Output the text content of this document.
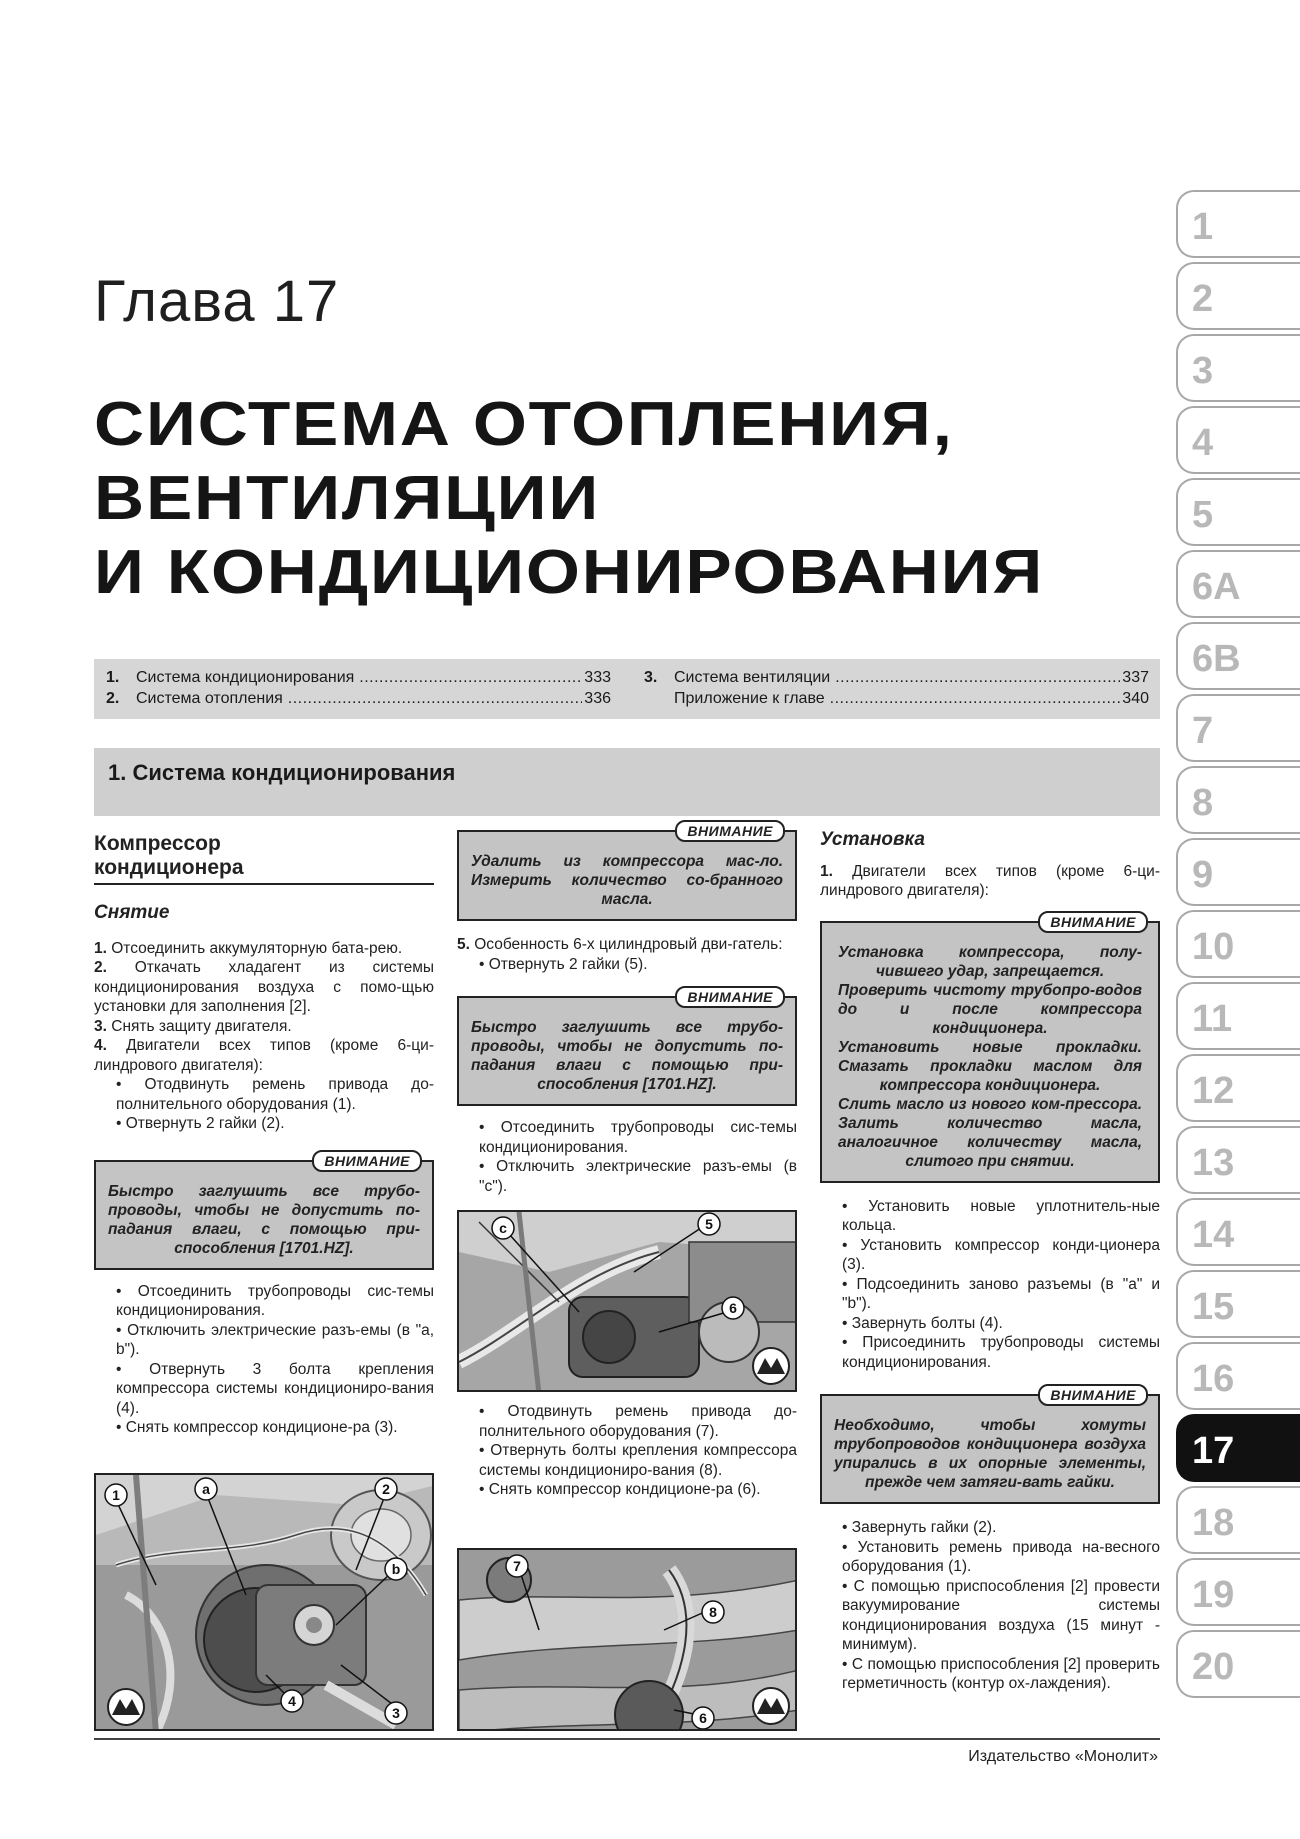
Глава 17
СИСТЕМА ОТОПЛЕНИЯ,
ВЕНТИЛЯЦИИ
И КОНДИЦИОНИРОВАНИЯ
1.	Система кондиционирования .....	333
2.	Система отопления .....	336
3.	Система вентиляции .....	337
Приложение к главе .....	340
1. Система кондиционирования
Компрессор
кондиционера
Снятие

1. Отсоединить аккумуляторную бата-рею.

2. Откачать хладагент из системы кондиционирования воздуха с помо-щью установки для заполнения [2].

3. Снять защиту двигателя.

4. Двигатели всех типов (кроме 6-ци-линдрового двигателя):

• Отодвинуть ремень привода до-полнительного оборудования (1).

• Отвернуть 2 гайки (2).

ВНИМАНИЕ

Быстро заглушить все трубо-проводы, чтобы не допустить по-падания влаги, с помощью при-способления [1701.HZ].

• Отсоединить трубопроводы сис-темы кондиционирования.

• Отключить электрические разъ-емы (в "а, b").

• Отвернуть 3 болта крепления компрессора системы кондициониро-вания (4).

• Снять компрессор кондиционе-ра (3).

1	a	2
b
4
3
ВНИМАНИЕ

Удалить из компрессора мас-ло. Измерить количество со-бранного масла.

5. Особенность 6-х цилиндровый дви-гатель:

• Отвернуть 2 гайки (5).

ВНИМАНИЕ

Быстро заглушить все трубо-проводы, чтобы не допустить по-падания влаги с помощью при-способления [1701.HZ].

• Отсоединить трубопроводы сис-темы кондиционирования.

• Отключить электрические разъ-емы (в "с").

c	5
6

• Отодвинуть ремень привода до-полнительного оборудования (7).

• Отвернуть болты крепления компрессора системы кондициониро-вания (8).

• Снять компрессор кондиционе-ра (6).

7
8
6
Установка

1. Двигатели всех типов (кроме 6-ци-линдрового двигателя):

ВНИМАНИЕ

Установка компрессора, полу-чившего удар, запрещается.

Проверить чистоту трубопро-водов до и после компрессора кондиционера.

Установить новые прокладки. Смазать прокладки маслом для компрессора кондиционера.

Слить масло из нового ком-прессора. Залить количество масла, аналогичное количеству масла, слитого при снятии.

• Установить новые уплотнитель-ные кольца.

• Установить компрессор конди-ционера (3).

• Подсоединить заново разъемы (в "а" и "b").

• Завернуть болты (4).

• Присоединить трубопроводы системы кондиционирования.

ВНИМАНИЕ

Необходимо, чтобы хомуты трубопроводов кондиционера воздуха упирались в их опорные элементы, прежде чем затяги-вать гайки.

• Завернуть гайки (2).

• Установить ремень привода на-весного оборудования (1).

• С помощью приспособления [2] провести вакуумирование системы кондиционирования воздуха (15 минут - минимум).

• С помощью приспособления [2] проверить герметичность (контур ох-лаждения).

1
2
3
4
5
6A
6B
7
8
9
10
11
12
13
14
15
16
17
18
19
20
Издательство «Монолит»
